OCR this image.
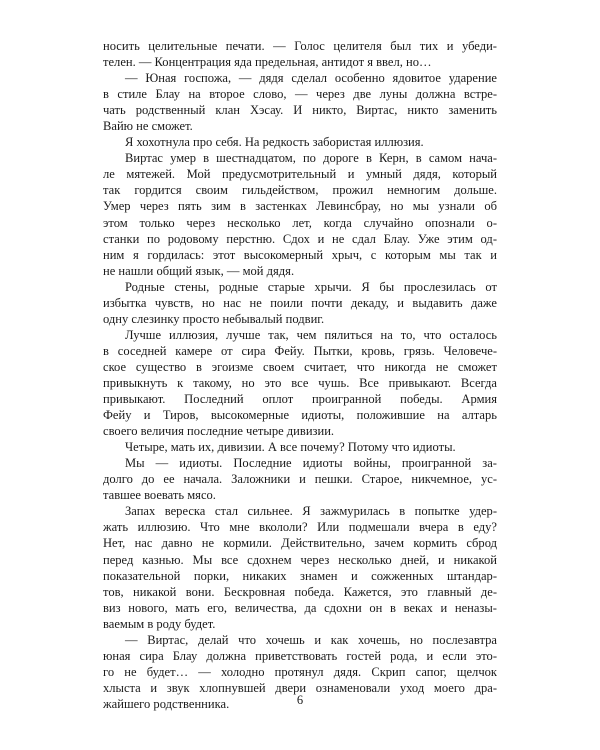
носить целительные печати. — Голос целителя был тих и убеди-
телен. — Концентрация яда предельная, антидот я ввел, но…
— Юная госпожа, — дядя сделал особенно ядовитое ударение
в стиле Блау на второе слово, — через две луны должна встре-
чать родственный клан Хэсау. И никто, Виртас, никто заменить
Вайю не сможет.
Я хохотнула про себя. На редкость забористая иллюзия.
Виртас умер в шестнадцатом, по дороге в Керн, в самом нача-
ле мятежей. Мой предусмотрительный и умный дядя, который
так гордится своим гильдейством, прожил немногим дольше.
Умер через пять зим в застенках Левинсбрау, но мы узнали об
этом только через несколько лет, когда случайно опознали о-
станки по родовому перстню. Сдох и не сдал Блау. Уже этим од-
ним я гордилась: этот высокомерный хрыч, с которым мы так и
не нашли общий язык, — мой дядя.
Родные стены, родные старые хрычи. Я бы прослезилась от
избытка чувств, но нас не поили почти декаду, и выдавить даже
одну слезинку просто небывалый подвиг.
Лучше иллюзия, лучше так, чем пялиться на то, что осталось
в соседней камере от сира Фейу. Пытки, кровь, грязь. Человече-
ское существо в эгоизме своем считает, что никогда не сможет
привыкнуть к такому, но это все чушь. Все привыкают. Всегда
привыкают. Последний оплот проигранной победы. Армия
Фейу и Тиров, высокомерные идиоты, положившие на алтарь
своего величия последние четыре дивизии.
Четыре, мать их, дивизии. А все почему? Потому что идиоты.
Мы — идиоты. Последние идиоты войны, проигранной за-
долго до ее начала. Заложники и пешки. Старое, никчемное, ус-
тавшее воевать мясо.
Запах вереска стал сильнее. Я зажмурилась в попытке удер-
жать иллюзию. Что мне вкололи? Или подмешали вчера в еду?
Нет, нас давно не кормили. Действительно, зачем кормить сброд
перед казнью. Мы все сдохнем через несколько дней, и никакой
показательной порки, никаких знамен и сожженных штандар-
тов, никакой вони. Бескровная победа. Кажется, это главный де-
виз нового, мать его, величества, да сдохни он в веках и неназы-
ваемым в роду будет.
— Виртас, делай что хочешь и как хочешь, но послезавтра
юная сира Блау должна приветствовать гостей рода, и если это-
го не будет… — холодно протянул дядя. Скрип сапог, щелчок
хлыста и звук хлопнувшей двери ознаменовали уход моего дра-
жайшего родственника.	6
